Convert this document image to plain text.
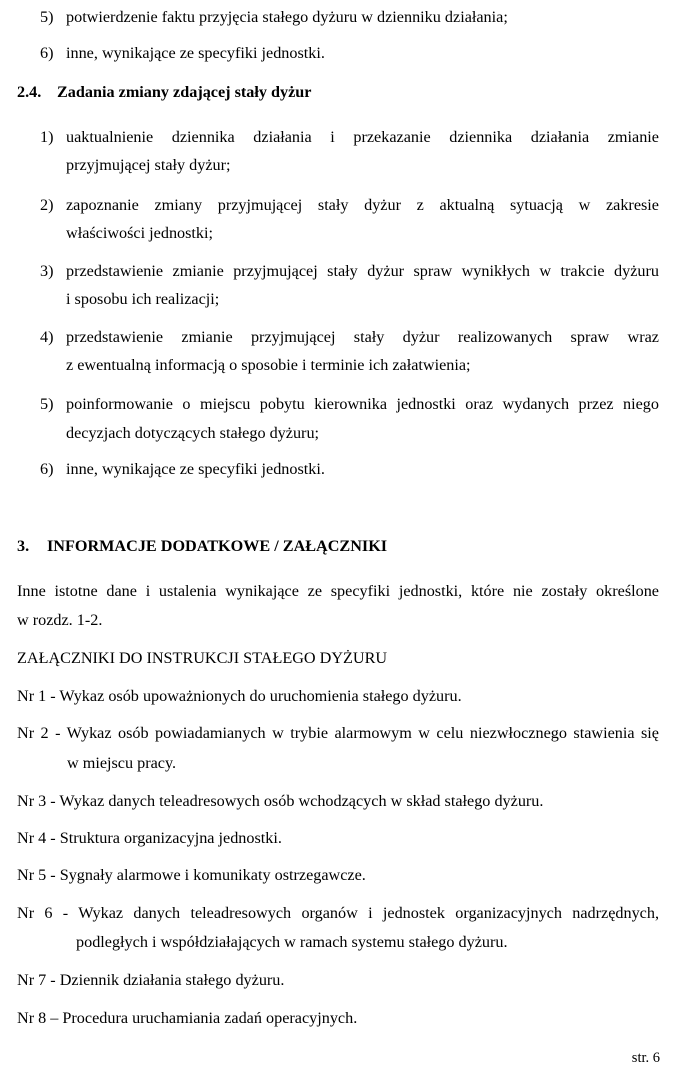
5) potwierdzenie faktu przyjęcia stałego dyżuru w dzienniku działania;
6) inne, wynikające ze specyfiki jednostki.
2.4. Zadania zmiany zdającej stały dyżur
1) uaktualnienie dziennika działania i przekazanie dziennika działania zmianie
przyjmującej stały dyżur;
2) zapoznanie zmiany przyjmującej stały dyżur z aktualną sytuacją w zakresie
właściwości jednostki;
3) przedstawienie zmianie przyjmującej stały dyżur spraw wynikłych w trakcie dyżuru
i sposobu ich realizacji;
4) przedstawienie zmianie przyjmującej stały dyżur realizowanych spraw wraz
z ewentualną informacją o sposobie i terminie ich załatwienia;
5) poinformowanie o miejscu pobytu kierownika jednostki oraz wydanych przez niego
decyzjach dotyczących stałego dyżuru;
6) inne, wynikające ze specyfiki jednostki.
3. INFORMACJE DODATKOWE / ZAŁĄCZNIKI
Inne istotne dane i ustalenia wynikające ze specyfiki jednostki, które nie zostały określone
w rozdz. 1-2.
ZAŁĄCZNIKI DO INSTRUKCJI STAŁEGO DYŻURU
Nr 1 - Wykaz osób upoważnionych do uruchomienia stałego dyżuru.
Nr 2 - Wykaz osób powiadamianych w trybie alarmowym w celu niezwłocznego stawienia się
w miejscu pracy.
Nr 3 - Wykaz danych teleadresowych osób wchodzących w skład stałego dyżuru.
Nr 4 - Struktura organizacyjna jednostki.
Nr 5 - Sygnały alarmowe i komunikaty ostrzegawcze.
Nr 6 - Wykaz danych teleadresowych organów i jednostek organizacyjnych nadrzędnych,
podległych i współdziałających w ramach systemu stałego dyżuru.
Nr 7 - Dziennik działania stałego dyżuru.
Nr 8 – Procedura uruchamiania zadań operacyjnych.
str. 6
